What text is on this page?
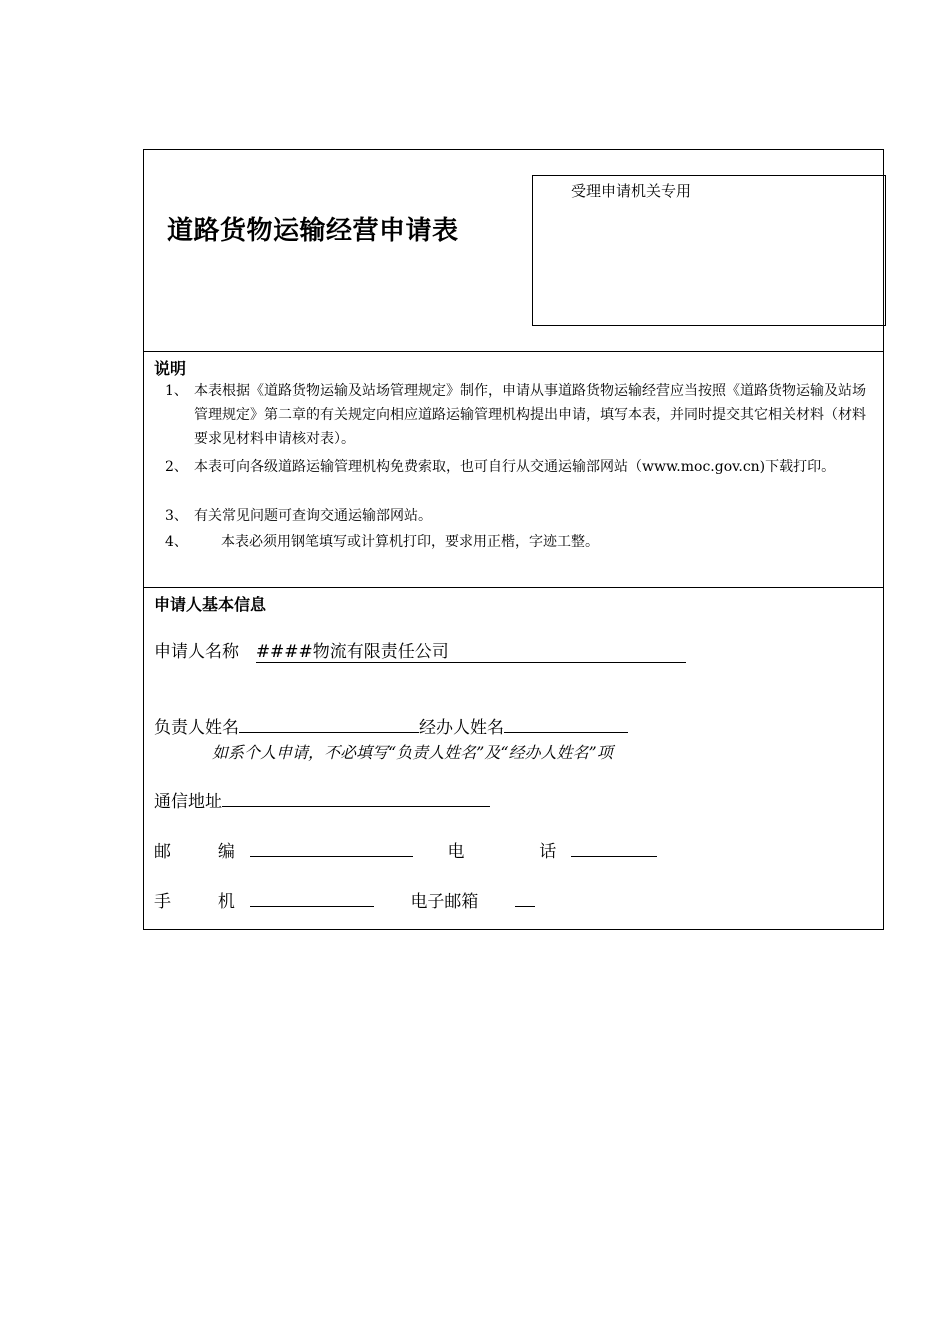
道路货物运输经营申请表
受理申请机关专用
说明
1、 本表根据《道路货物运输及站场管理规定》制作，申请从事道路货物运输经营应当按照《道路货物运输及站场管理规定》第二章的有关规定向相应道路运输管理机构提出申请，填写本表，并同时提交其它相关材料（材料要求见材料申请核对表）。
2、 本表可向各级道路运输管理机构免费索取，也可自行从交通运输部网站（www.moc.gov.cn)下载打印。
3、 有关常见问题可查询交通运输部网站。
4、 本表必须用钢笔填写或计算机打印，要求用正楷，字迹工整。
申请人基本信息
申请人名称 ####物流有限责任公司
负责人姓名	经办人姓名
如系个人申请，不必填写“负责人姓名”及“经办人姓名”项
通信地址
邮	编	电	话
手	机	电子邮箱
